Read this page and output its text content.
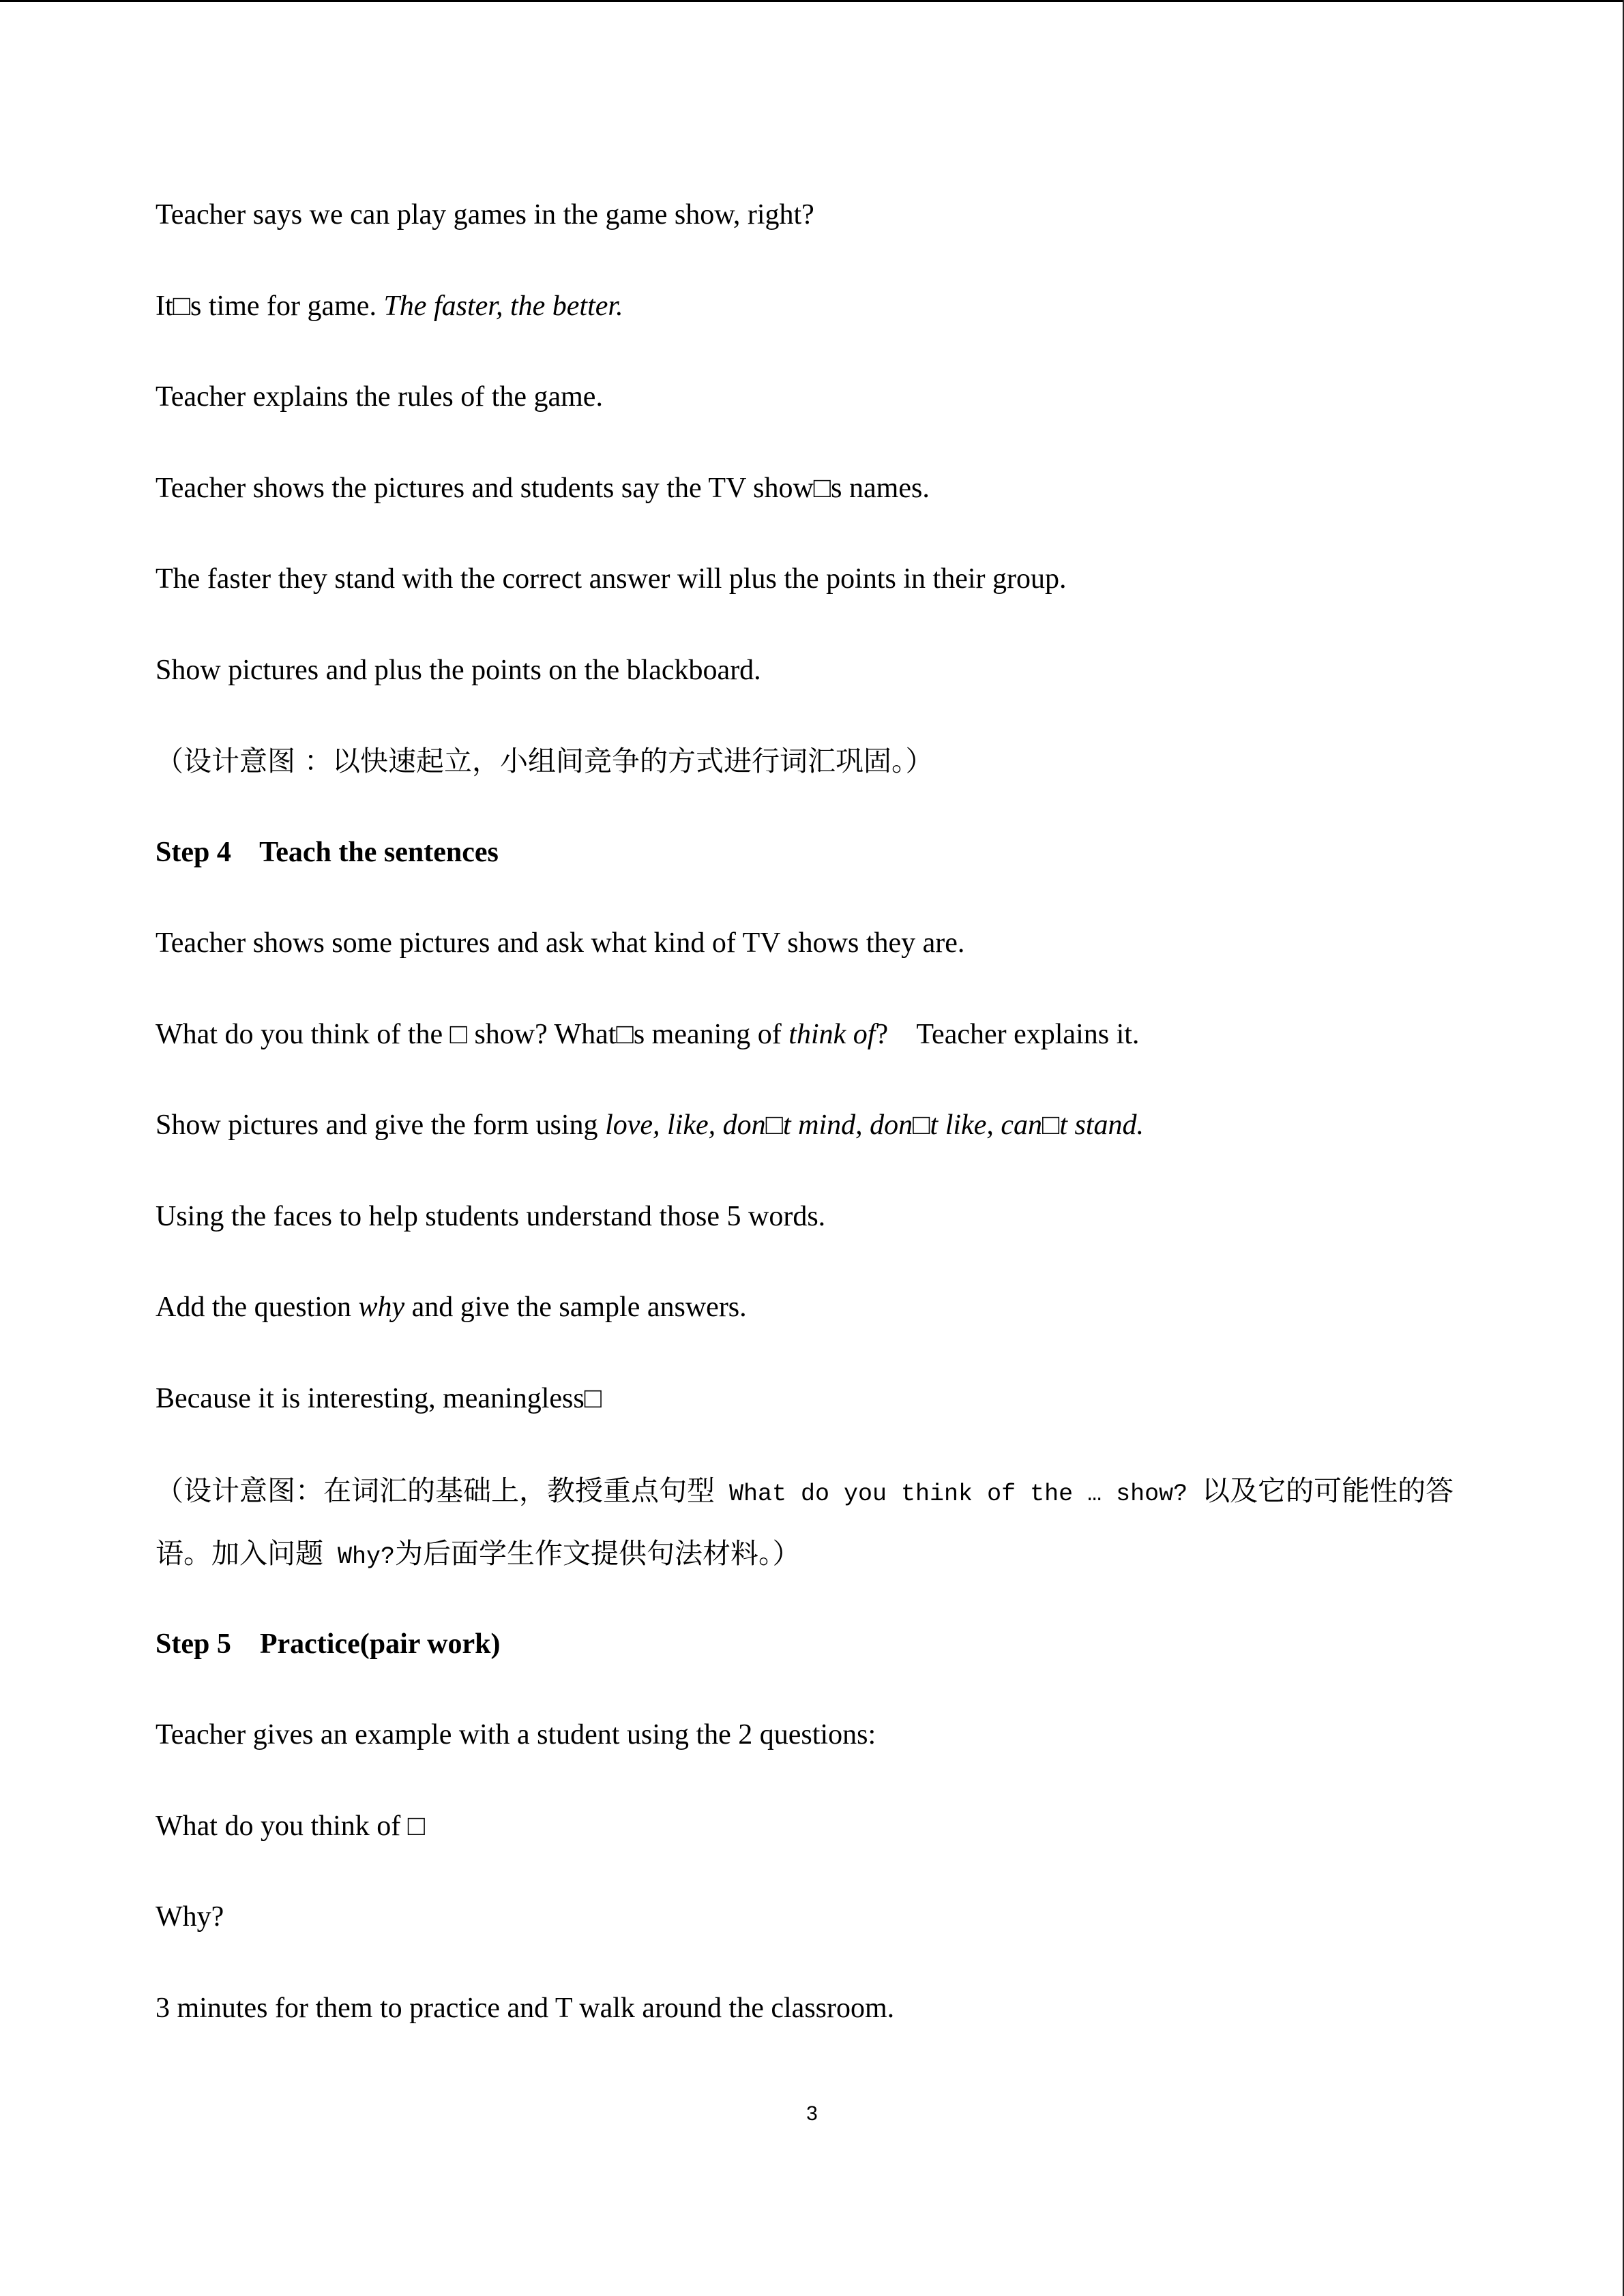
Teacher says we can play games in the game show, right?

It□s time for game. The faster, the better.

Teacher explains the rules of the game.

Teacher shows the pictures and students say the TV show□s names.

The faster they stand with the correct answer will plus the points in their group.

Show pictures and plus the points on the blackboard.

（设计意图 ：以快速起立，小组间竞争的方式进行词汇巩固。）

Step 4    Teach the sentences

Teacher shows some pictures and ask what kind of TV shows they are.

What do you think of the □ show? What□s meaning of think of?    Teacher explains it.

Show pictures and give the form using love, like, don□t mind, don□t like, can□t stand.

Using the faces to help students understand those 5 words.

Add the question why and give the sample answers.

Because it is interesting, meaningless□

（设计意图：在词汇的基础上，教授重点句型 What do you think of the … show? 以及它的可能性的答

语。加入问题 Why?为后面学生作文提供句法材料。）

Step 5    Practice(pair work)

Teacher gives an example with a student using the 2 questions:

What do you think of □

Why?

3 minutes for them to practice and T walk around the classroom.

3
